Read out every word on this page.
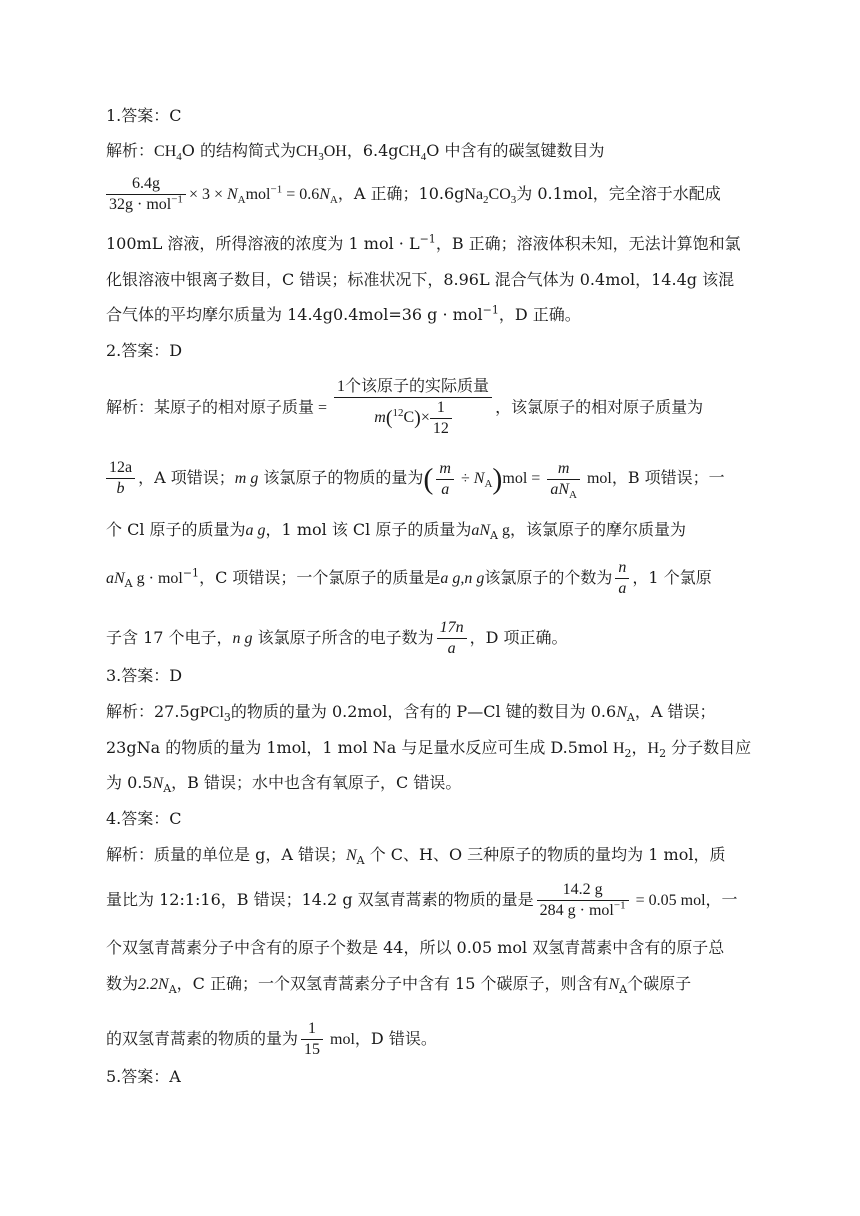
1.答案：C
解析：$CH_4O$ 的结构简式为$CH_3OH$，6.4gCH$_4$O 中含有的碳氢键数目为
$\frac{6.4g}{32g \cdot mol^{-1}} \times 3 \times N_Amol^{-1} = 0.6N_A$，A 正确；$10.6gNa_2CO_3$为 0.1mol，完全溶于水配成
100mL 溶液，所得溶液的浓度为 1 mol · $L^{-1}$，B 正确；溶液体积未知，无法计算饱和氯
化银溶液中银离子数目，C 错误；标准状况下，8.96L 混合气体为 0.4mol，14.4g 该混
合气体的平均摩尔质量为 14.4g0.4mol=36 g · mol$^{-1}$，D 正确。
2.答案：D
解析：某原子的相对原子质量 = $\frac{\text{1个该原子的实际质量}}{m(^{12}C)\times \frac{1}{12}}$ ，该氯原子的相对原子质量为
$\frac{12a}{b}$ ，A 项错误；m g 该氯原子的物质的量为( $\frac{m}{a} \div N_A)mol = \frac{m}{aN_A}$ mol，B 项错误；一
个 Cl 原子的质量为a g，1 mol 该 Cl 原子的质量为$aN_A$ g，该氯原子的摩尔质量为
$aN_A$ g · mol$^{-1}$，C 项错误；一个氯原子的质量是a g,n g该氯原子的个数为 $\frac{n}{a}$ ，1 个氯原
子含 17 个电子，n g 该氯原子所含的电子数为 $\frac{17n}{a}$ ，D 项正确。
3.答案：D
解析：27.5gPCl$_3$的物质的量为 0.2mol，含有的 P—Cl 键的数目为 $0.6N_A$，A 错误；
23gNa 的物质的量为 1mol，1 mol Na 与足量水反应可生成 D.5mol $H_2$，$H_2$ 分子数目应
为 $0.5N_A$，B 错误；水中也含有氧原子，C 错误。
4.答案：C
解析：质量的单位是 g，A 错误；$N_A$ 个 C、H、O 三种原子的物质的量均为 1 mol，质
量比为 12:1:16，B 错误；14.2 g 双氢青蒿素的物质的量是 $\frac{14.2 g}{284 g \cdot mol^{-1}} = 0.05$ mol，一
个双氢青蒿素分子中含有的原子个数是 44，所以 0.05 mol 双氢青蒿素中含有的原子总
数为$2.2N_A$，C 正确；一个双氢青蒿素分子中含有 15 个碳原子，则含有$N_A$个碳原子
的双氢青蒿素的物质的量为 $\frac{1}{15}$ mol，D 错误。
5.答案：A
